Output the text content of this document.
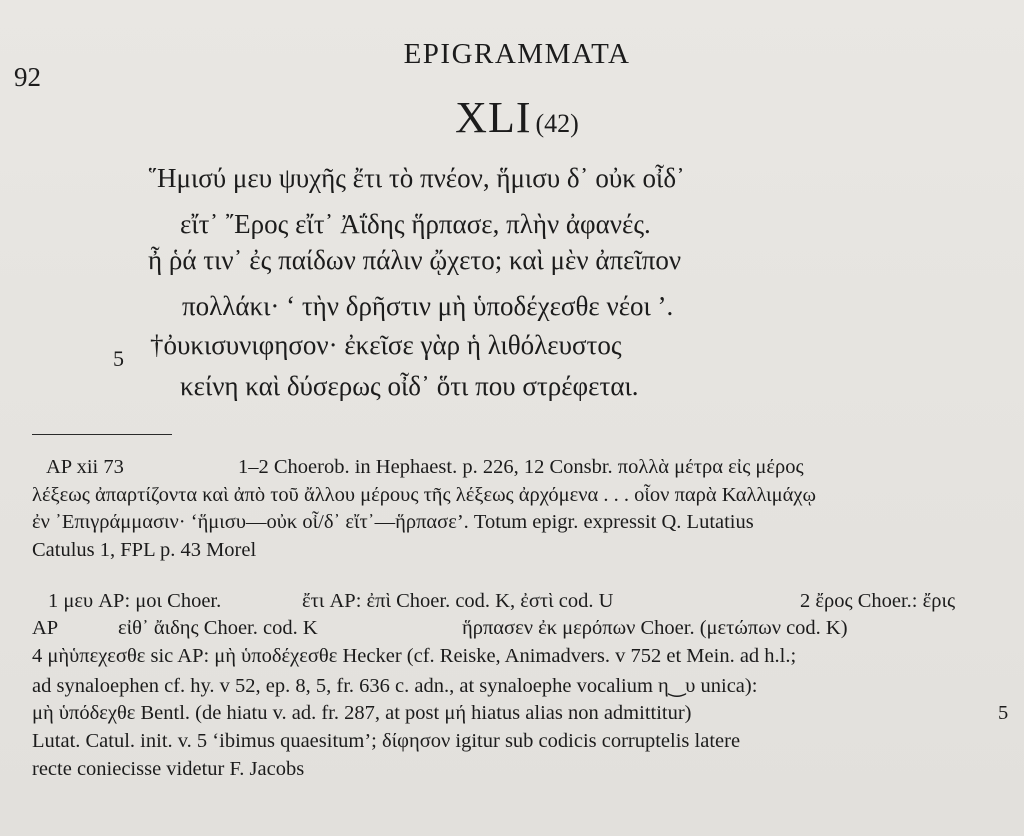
92
EPIGRAMMATA
XLI (42)
῞Ημισύ μευ ψυχῆς ἔτι τὸ πνέον, ἥμισυ δ᾽ οὐκ οἶδ᾽
εἴτ᾽ ῎Ερος εἴτ᾽ Ἀΐδης ἥρπασε, πλὴν ἀφανές.
ἦ ῥά τιν᾽ ἐς παίδων πάλιν ᾤχετο; καὶ μὲν ἀπεῖπον
πολλάκι· ‘ τὴν δρῆστιν μὴ ὑποδέχεσθε νέοι ’.
5 †ὀυκισυνιφησον· ἐκεῖσε γὰρ ἡ λιθόλευστος
κείνη καὶ δύσερως οἶδ᾽ ὅτι που στρέφεται.
AP xii 73	1–2 Choerob. in Hephaest. p. 226, 12 Consbr. πολλὰ μέτρα εἰς μέρος
λέξεως ἀπαρτίζοντα καὶ ἀπὸ τοῦ ἄλλου μέρους τῆς λέξεως ἀρχόμενα . . . οἷον παρὰ Καλλιμάχῳ
ἐν ᾽Επιγράμμασιν· ‘ἥμισυ—οὐκ οἶ/δ᾽ εἴτ᾽—ἥρπασε’. Totum epigr. expressit Q. Lutatius
Catulus 1, FPL p. 43 Morel
1 μευ AP: μοι Choer.	ἔτι AP: ἐπὶ Choer. cod. K, ἐστὶ cod. U	2 ἔρος Choer.: ἔρις
AP	εἰθ᾽ ἄιδης Choer. cod. K	ἥρπασεν ἐκ μερόπων Choer. (μετώπων cod. K)
4 μὴὑπεχεσθε sic AP: μὴ ὑποδέχεσθε Hecker (cf. Reiske, Animadvers. v 752 et Mein. ad h.l.;
ad synaloephen cf. hy. v 52, ep. 8, 5, fr. 636 c. adn., at synaloephe vocalium η‿υ unica):
μὴ ὑπόδεχθε Bentl. (de hiatu v. ad. fr. 287, at post μή hiatus alias non admittitur)	5
Lutat. Catul. init. v. 5 ‘ibimus quaesitum’; δίφησον igitur sub codicis corruptelis latere
recte coniecisse videtur F. Jacobs
